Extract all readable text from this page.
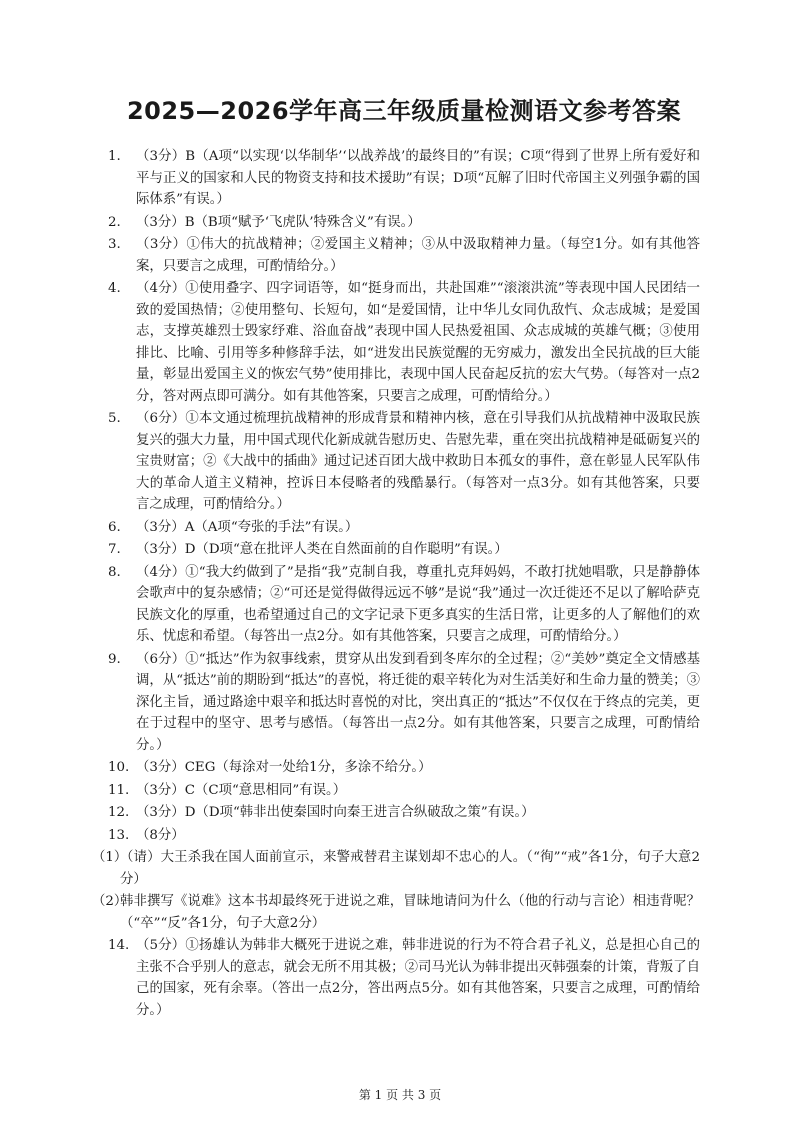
2025—2026学年高三年级质量检测语文参考答案
1. （3分）B（A项“以实现‘以华制华’‘以战养战’的最终目的”有误；C项“得到了世界上所有爱好和平与正义的国家和人民的物资支持和技术援助”有误；D项“瓦解了旧时代帝国主义列强争霸的国际体系”有误。）
2. （3分）B（B项“赋予‘飞虎队’特殊含义”有误。）
3. （3分）①伟大的抗战精神；②爱国主义精神；③从中汲取精神力量。（每空1分。如有其他答案，只要言之成理，可酌情给分。）
4. （4分）①使用叠字、四字词语等，如“挺身而出，共赴国难”“滚滚洪流”等表现中国人民团结一致的爱国热情；②使用整句、长短句，如“是爱国情，让中华儿女同仇敌忾、众志成城；是爱国志，支撑英雄烈士毁家纾难、浴血奋战”表现中国人民热爱祖国、众志成城的英雄气概；③使用排比、比喻、引用等多种修辞手法，如“进发出民族觉醒的无穷威力，激发出全民抗战的巨大能量，彰显出爱国主义的恢宏气势”使用排比，表现中国人民奋起反抗的宏大气势。（每答对一点2分，答对两点即可满分。如有其他答案，只要言之成理，可酌情给分。）
5. （6分）①本文通过梳理抗战精神的形成背景和精神内核，意在引导我们从抗战精神中汲取民族复兴的强大力量，用中国式现代化新成就告慰历史、告慰先辈，重在突出抗战精神是砥砺复兴的宝贵财富；②《大战中的插曲》通过记述百团大战中救助日本孤女的事件，意在彰显人民军队伟大的革命人道主义精神，控诉日本侵略者的残酷暴行。（每答对一点3分。如有其他答案，只要言之成理，可酌情给分。）
6. （3分）A（A项“夸张的手法”有误。）
7. （3分）D（D项“意在批评人类在自然面前的自作聪明”有误。）
8. （4分）①“我大约做到了”是指“我”克制自我，尊重扎克拜妈妈，不敢打扰她唱歌，只是静静体会歌声中的复杂感情；②“可还是觉得做得远远不够”是说“我”通过一次迁徙还不足以了解哈萨克民族文化的厚重，也希望通过自己的文字记录下更多真实的生活日常，让更多的人了解他们的欢乐、忧虑和希望。（每答出一点2分。如有其他答案，只要言之成理，可酌情给分。）
9. （6分）①“抵达”作为叙事线索，贯穿从出发到看到冬库尔的全过程；②“美妙”奠定全文情感基调，从“抵达”前的期盼到“抵达”的喜悦，将迁徙的艰辛转化为对生活美好和生命力量的赞美；③深化主旨，通过路途中艰辛和抵达时喜悦的对比，突出真正的“抵达”不仅仅在于终点的完美，更在于过程中的坚守、思考与感悟。（每答出一点2分。如有其他答案，只要言之成理，可酌情给分。）
10. （3分）CEG（每涂对一处给1分，多涂不给分。）
11. （3分）C（C项“意思相同”有误。）
12. （3分）D（D项“韩非出使秦国时向秦王进言合纵破敌之策”有误。）
13. （8分）
（1）
（请）大王杀我在国人面前宣示，来警戒替君主谋划却不忠心的人。（“徇”“戒”各1分，句子大意2分）
（2）
韩非撰写《说难》这本书却最终死于进说之难，冒昧地请问为什么（他的行动与言论）相违背呢？（“卒”“反”各1分，句子大意2分）
14. （5分）①扬雄认为韩非大概死于进说之难，韩非进说的行为不符合君子礼义，总是担心自己的主张不合乎别人的意志，就会无所不用其极；②司马光认为韩非提出灭韩强秦的计策，背叛了自己的国家，死有余辜。（答出一点2分，答出两点5分。如有其他答案，只要言之成理，可酌情给分。）
第 1 页 共 3 页
